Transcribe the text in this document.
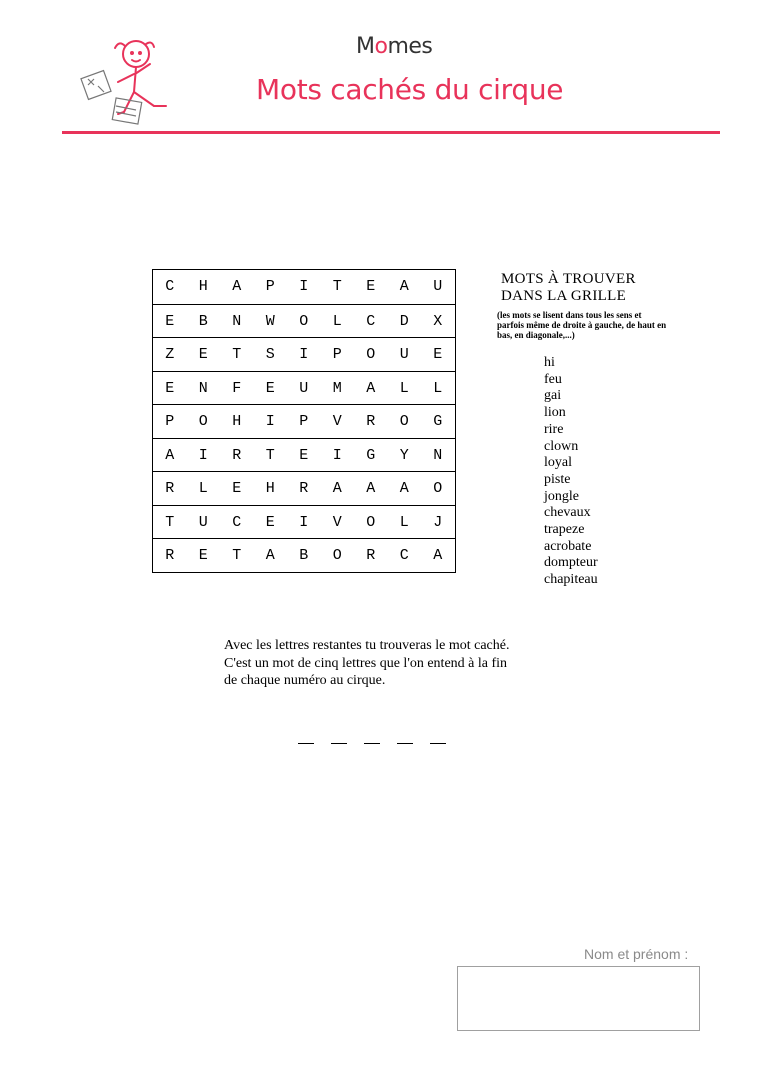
Momes
Mots cachés du cirque
C	H	A	P	I	T	E	A	U
E	B	N	W	O	L	C	D	X
Z	E	T	S	I	P	O	U	E
E	N	F	E	U	M	A	L	L
P	O	H	I	P	V	R	O	G
A	I	R	T	E	I	G	Y	N
R	L	E	H	R	A	A	A	O
T	U	C	E	I	V	O	L	J
R	E	T	A	B	O	R	C	A
MOTS À TROUVER
DANS LA GRILLE
(les mots se lisent dans tous les sens et parfois même de droite à gauche, de haut en bas, en diagonale,...)
hi
feu
gai
lion
rire
clown
loyal
piste
jongle
chevaux
trapeze
acrobate
dompteur
chapiteau
Avec les lettres restantes tu trouveras le mot caché.
C'est un mot de cinq lettres que l'on entend à la fin
de chaque numéro au cirque.
Nom et prénom :
